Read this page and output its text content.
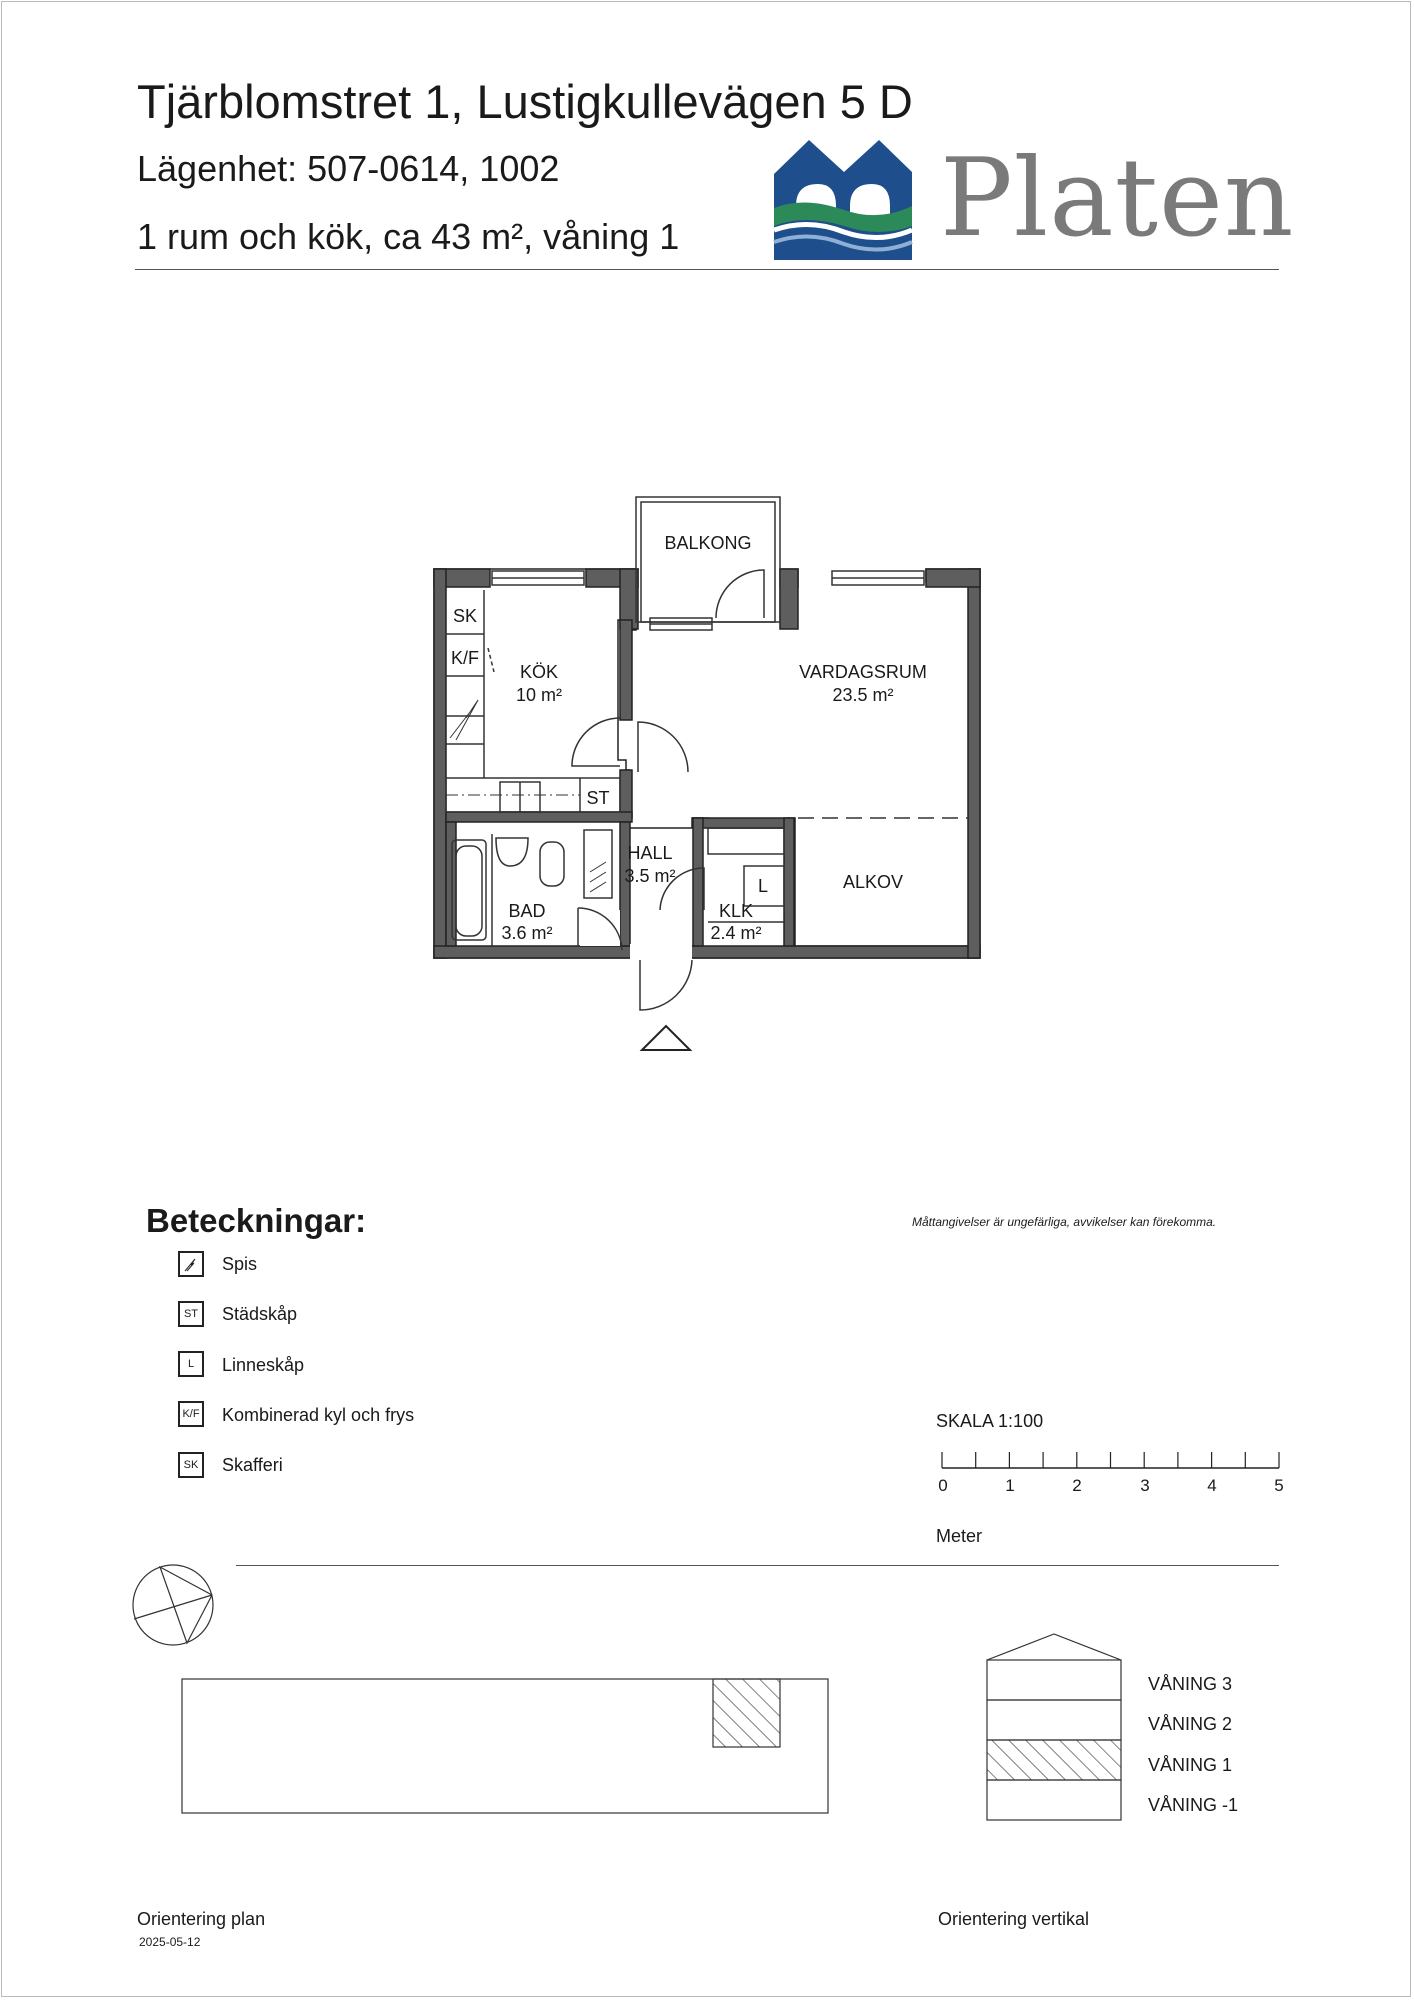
Tjärblomstret 1, Lustigkullevägen 5 D
Lägenhet: 507-0614, 1002
1 rum och kök, ca 43 m², våning 1 Platen
BALKONG
KÖK
10 m²
VARDAGSRUM
23.5 m²
HALL
3.5 m²
BAD
3.6 m²
KLK
2.4 m²
ALKOV
SK
K/F
ST
L
Beteckningar:
Spis
ST	Städskåp
L	Linneskåp
K/F Kombinerad kyl och frys
SK	Skafferi
Måttangivelser är ungefärliga, avvikelser kan förekomma.
SKALA 1:100
0	1	2	3	4	5
Meter
VÅNING 3
VÅNING 2
VÅNING 1
VÅNING -1
Orientering plan
2025-05-12
Orientering vertikal
